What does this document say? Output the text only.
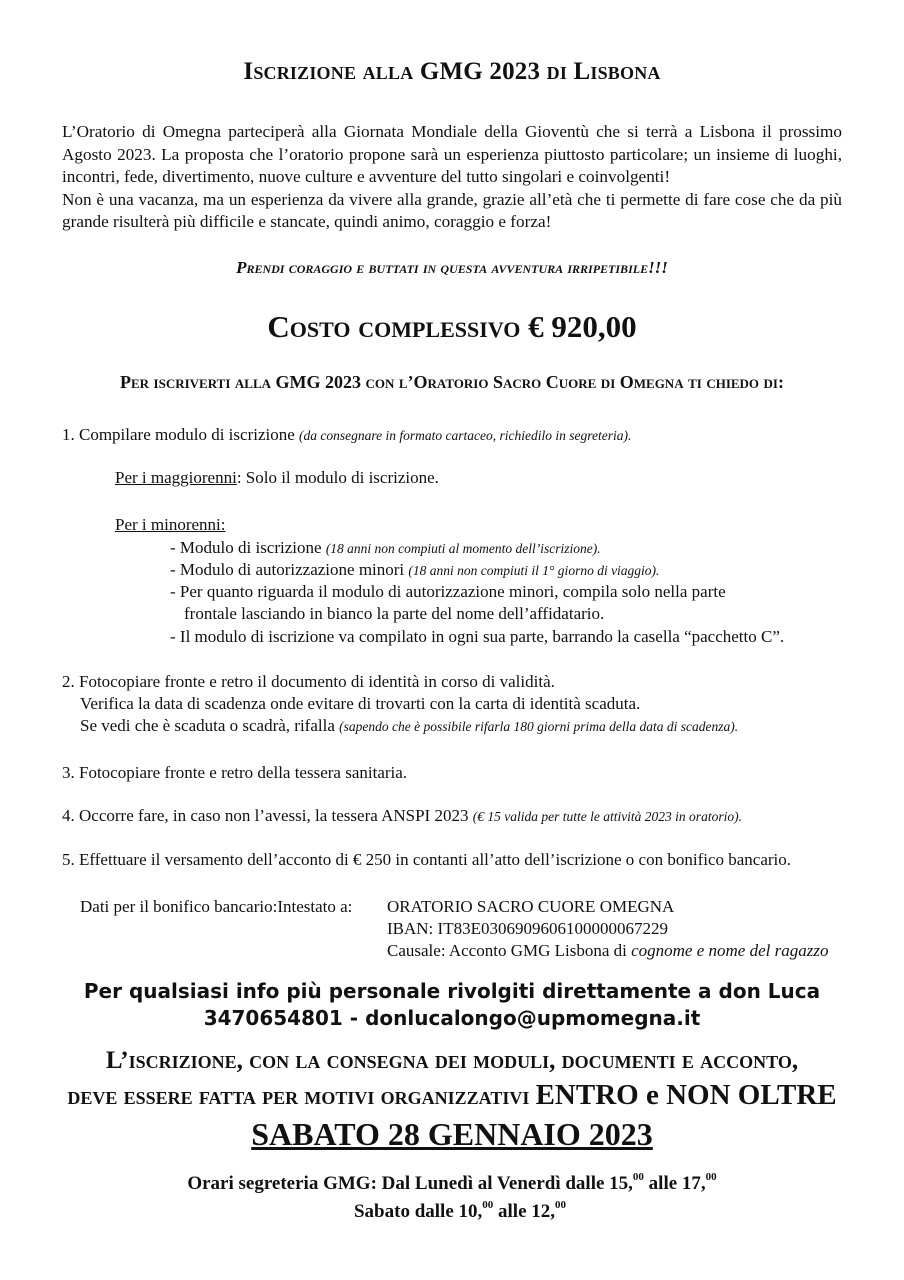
Iscrizione alla GMG 2023 di Lisbona

L’Oratorio di Omegna parteciperà alla Giornata Mondiale della Gioventù che si terrà a Lisbona il prossimo Agosto 2023. La proposta che l’oratorio propone sarà un esperienza piuttosto particolare; un insieme di luoghi, incontri, fede, divertimento, nuove culture e avventure del tutto singolari e coinvolgenti!

Non è una vacanza, ma un esperienza da vivere alla grande, grazie all’età che ti permette di fare cose che da più grande risulterà più difficile e stancate, quindi animo, coraggio e forza!

Prendi coraggio e buttati in questa avventura irripetibile!!!
Costo complessivo € 920,00
Per iscriverti alla GMG 2023 con l’Oratorio Sacro Cuore di Omegna ti chiedo di:
1. Compilare modulo di iscrizione (da consegnare in formato cartaceo, richiedilo in segreteria).
Per i maggiorenni: Solo il modulo di iscrizione.
Per i minorenni:
- Modulo di iscrizione (18 anni non compiuti al momento dell’iscrizione).
- Modulo di autorizzazione minori (18 anni non compiuti il 1° giorno di viaggio).
- Per quanto riguarda il modulo di autorizzazione minori, compila solo nella parte
frontale lasciando in bianco la parte del nome dell’affidatario.
- Il modulo di iscrizione va compilato in ogni sua parte, barrando la casella “pacchetto C”.
2. Fotocopiare fronte e retro il documento di identità in corso di validità.
Verifica la data di scadenza onde evitare di trovarti con la carta di identità scaduta.
Se vedi che è scaduta o scadrà, rifalla (sapendo che è possibile rifarla 180 giorni prima della data di scadenza).
3. Fotocopiare fronte e retro della tessera sanitaria.
4. Occorre fare, in caso non l’avessi, la tessera ANSPI 2023 (€ 15 valida per tutte le attività 2023 in oratorio).
5. Effettuare il versamento dell’acconto di € 250 in contanti all’atto dell’iscrizione o con bonifico bancario.
Dati per il bonifico bancario:Intestato a: ORATORIO SACRO CUORE OMEGNA
IBAN: IT83E0306909606100000067229
Causale: Acconto GMG Lisbona di cognome e nome del ragazzo
Per qualsiasi info più personale rivolgiti direttamente a don Luca
3470654801 - donlucalongo@upmomegna.it
L’iscrizione, con la consegna dei moduli, documenti e acconto,
deve essere fatta per motivi organizzativi ENTRO e NON OLTRE
SABATO 28 GENNAIO 2023
Orari segreteria GMG: Dal Lunedì al Venerdì dalle 15,00 alle 17,00
Sabato dalle 10,00 alle 12,00
